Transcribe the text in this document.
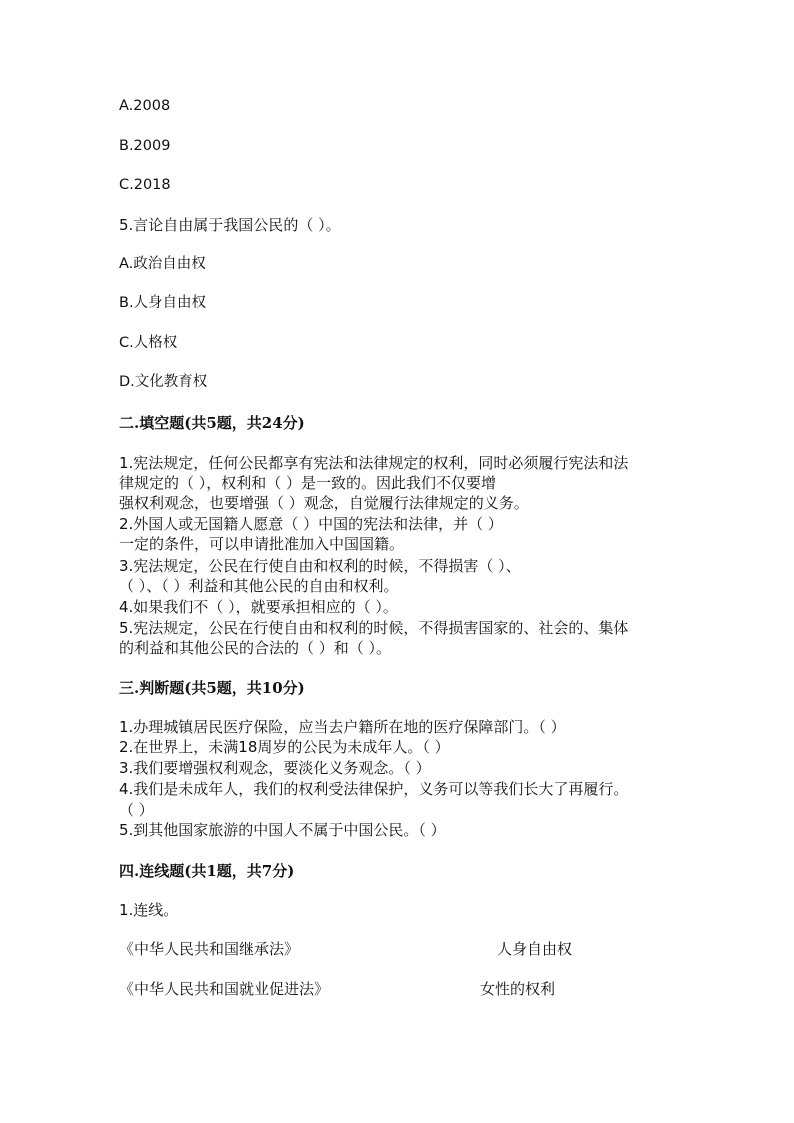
A.2008
B.2009
C.2018
5.言论自由属于我国公民的（ ）。
A.政治自由权
B.人身自由权
C.人格权
D.文化教育权
二.填空题(共5题，共24分)
1.宪法规定，任何公民都享有宪法和法律规定的权利，同时必须履行宪法和法
律规定的（ ），权利和（ ）是一致的。因此我们不仅要增
强权利观念，也要增强（ ）观念，自觉履行法律规定的义务。
2.外国人或无国籍人愿意（ ）中国的宪法和法律，并（ ）
一定的条件，可以申请批准加入中国国籍。
3.宪法规定，公民在行使自由和权利的时候，不得损害（ ）、
（ ）、（ ）利益和其他公民的自由和权利。
4.如果我们不（ ），就要承担相应的（ ）。
5.宪法规定，公民在行使自由和权利的时候，不得损害国家的、社会的、集体
的利益和其他公民的合法的（ ）和（ ）。
三.判断题(共5题，共10分)
1.办理城镇居民医疗保险，应当去户籍所在地的医疗保障部门。（ ）
2.在世界上，未满18周岁的公民为未成年人。（ ）
3.我们要增强权利观念，要淡化义务观念。（ ）
4.我们是未成年人，我们的权利受法律保护，义务可以等我们长大了再履行。
（ ）
5.到其他国家旅游的中国人不属于中国公民。（ ）
四.连线题(共1题，共7分)
1.连线。
《中华人民共和国继承法》	人身自由权
《中华人民共和国就业促进法》	女性的权利
